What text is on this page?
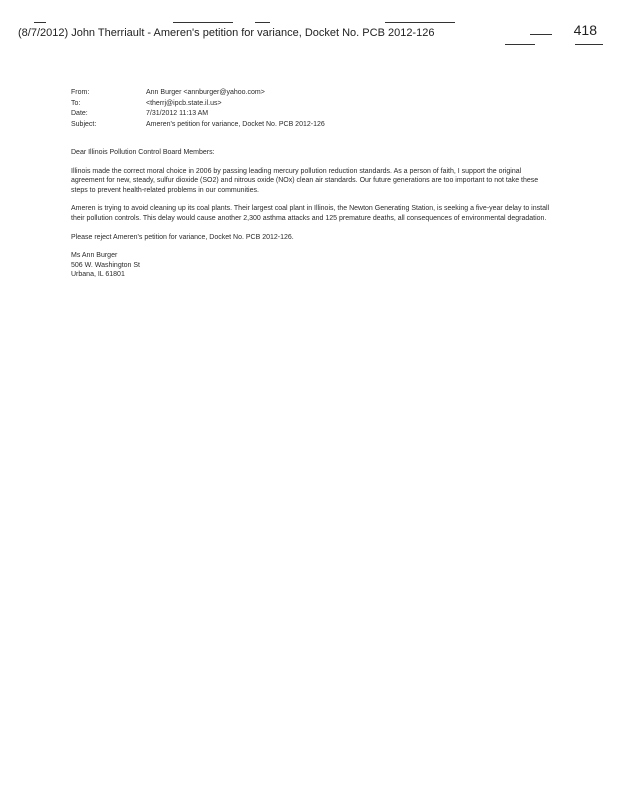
(8/7/2012) John Therriault - Ameren's petition for variance, Docket No. PCB 2012-126	418
From:	Ann Burger <annburger@yahoo.com>
To:	<therrj@ipcb.state.il.us>
Date:	7/31/2012 11:13 AM
Subject:	Ameren's petition for variance, Docket No. PCB 2012-126

Dear Illinois Pollution Control Board Members:

Illinois made the correct moral choice in 2006 by passing leading mercury pollution reduction standards. As a person of faith, I support the original agreement for new, steady, sulfur dioxide (SO2) and nitrous oxide (NOx) clean air standards. Our future generations are too important to not take these steps to prevent health-related problems in our communities.

Ameren is trying to avoid cleaning up its coal plants. Their largest coal plant in Illinois, the Newton Generating Station, is seeking a five-year delay to install their pollution controls. This delay would cause another 2,300 asthma attacks and 125 premature deaths, all consequences of environmental degradation.

Please reject Ameren's petition for variance, Docket No. PCB 2012-126.

Ms Ann Burger
506 W. Washington St
Urbana, IL 61801
